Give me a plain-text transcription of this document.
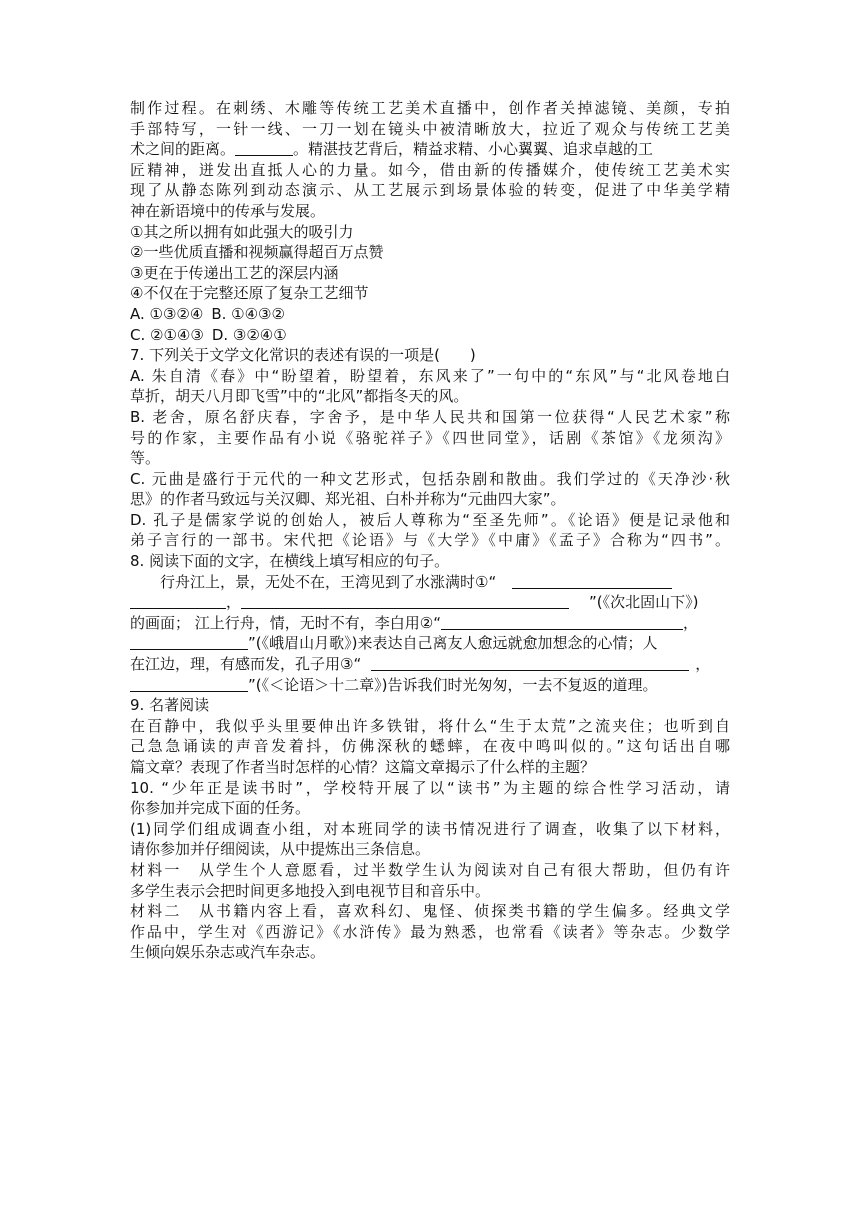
制作过程。在刺绣、木雕等传统工艺美术直播中，创作者关掉滤镜、美颜，专拍
手部特写，一针一线、一刀一划在镜头中被清晰放大，拉近了观众与传统工艺美
术之间的距离。	。精湛技艺背后，精益求精、小心翼翼、追求卓越的工
匠精神，迸发出直抵人心的力量。如今，借由新的传播媒介，使传统工艺美术实
现了从静态陈列到动态演示、从工艺展示到场景体验的转变，促进了中华美学精
神在新语境中的传承与发展。
①其之所以拥有如此强大的吸引力
②一些优质直播和视频赢得超百万点赞
③更在于传递出工艺的深层内涵
④不仅在于完整还原了复杂工艺细节
A. ①③②④ B. ①④③②
C. ②①④③ D. ③②④①
7. 下列关于文学文化常识的表述有误的一项是(　　)
A. 朱自清《春》中“盼望着，盼望着，东风来了”一句中的“东风”与“北风卷地白
草折，胡天八月即飞雪”中的“北风”都指冬天的风。
B. 老舍，原名舒庆春，字舍予，是中华人民共和国第一位获得“人民艺术家”称
号的作家，主要作品有小说《骆驼祥子》《四世同堂》，话剧《茶馆》《龙须沟》
等。
C. 元曲是盛行于元代的一种文艺形式，包括杂剧和散曲。我们学过的《天净沙·秋
思》的作者马致远与关汉卿、郑光祖、白朴并称为“元曲四大家”。
D. 孔子是儒家学说的创始人，被后人尊称为“至圣先师”。《论语》便是记录他和
弟子言行的一部书。宋代把《论语》与《大学》《中庸》《孟子》合称为“四书”。
8. 阅读下面的文字，在横线上填写相应的句子。
行舟江上，景，无处不在，王湾见到了水涨满时①“
，	”(《次北固山下》)
的画面； 江上行舟，情，无时不有，李白用②“	，
”(《峨眉山月歌》)来表达自己离友人愈远就愈加想念的心情；人
在江边，理，有感而发，孔子用③“	，
”(《＜论语＞十二章》)告诉我们时光匆匆，一去不复返的道理。
9. 名著阅读
在百静中，我似乎头里要伸出许多铁钳，将什么“生于太荒”之流夹住；也听到自
己急急诵读的声音发着抖，仿佛深秋的蟋蟀，在夜中鸣叫似的。”这句话出自哪
篇文章？表现了作者当时怎样的心情？这篇文章揭示了什么样的主题？
10. “少年正是读书时”，学校特开展了以“读书”为主题的综合性学习活动，请
你参加并完成下面的任务。
(1)同学们组成调查小组，对本班同学的读书情况进行了调查，收集了以下材料，
请你参加并仔细阅读，从中提炼出三条信息。
材料一　从学生个人意愿看，过半数学生认为阅读对自己有很大帮助，但仍有许
多学生表示会把时间更多地投入到电视节目和音乐中。
材料二　从书籍内容上看，喜欢科幻、鬼怪、侦探类书籍的学生偏多。经典文学
作品中，学生对《西游记》《水浒传》最为熟悉，也常看《读者》等杂志。少数学
生倾向娱乐杂志或汽车杂志。
